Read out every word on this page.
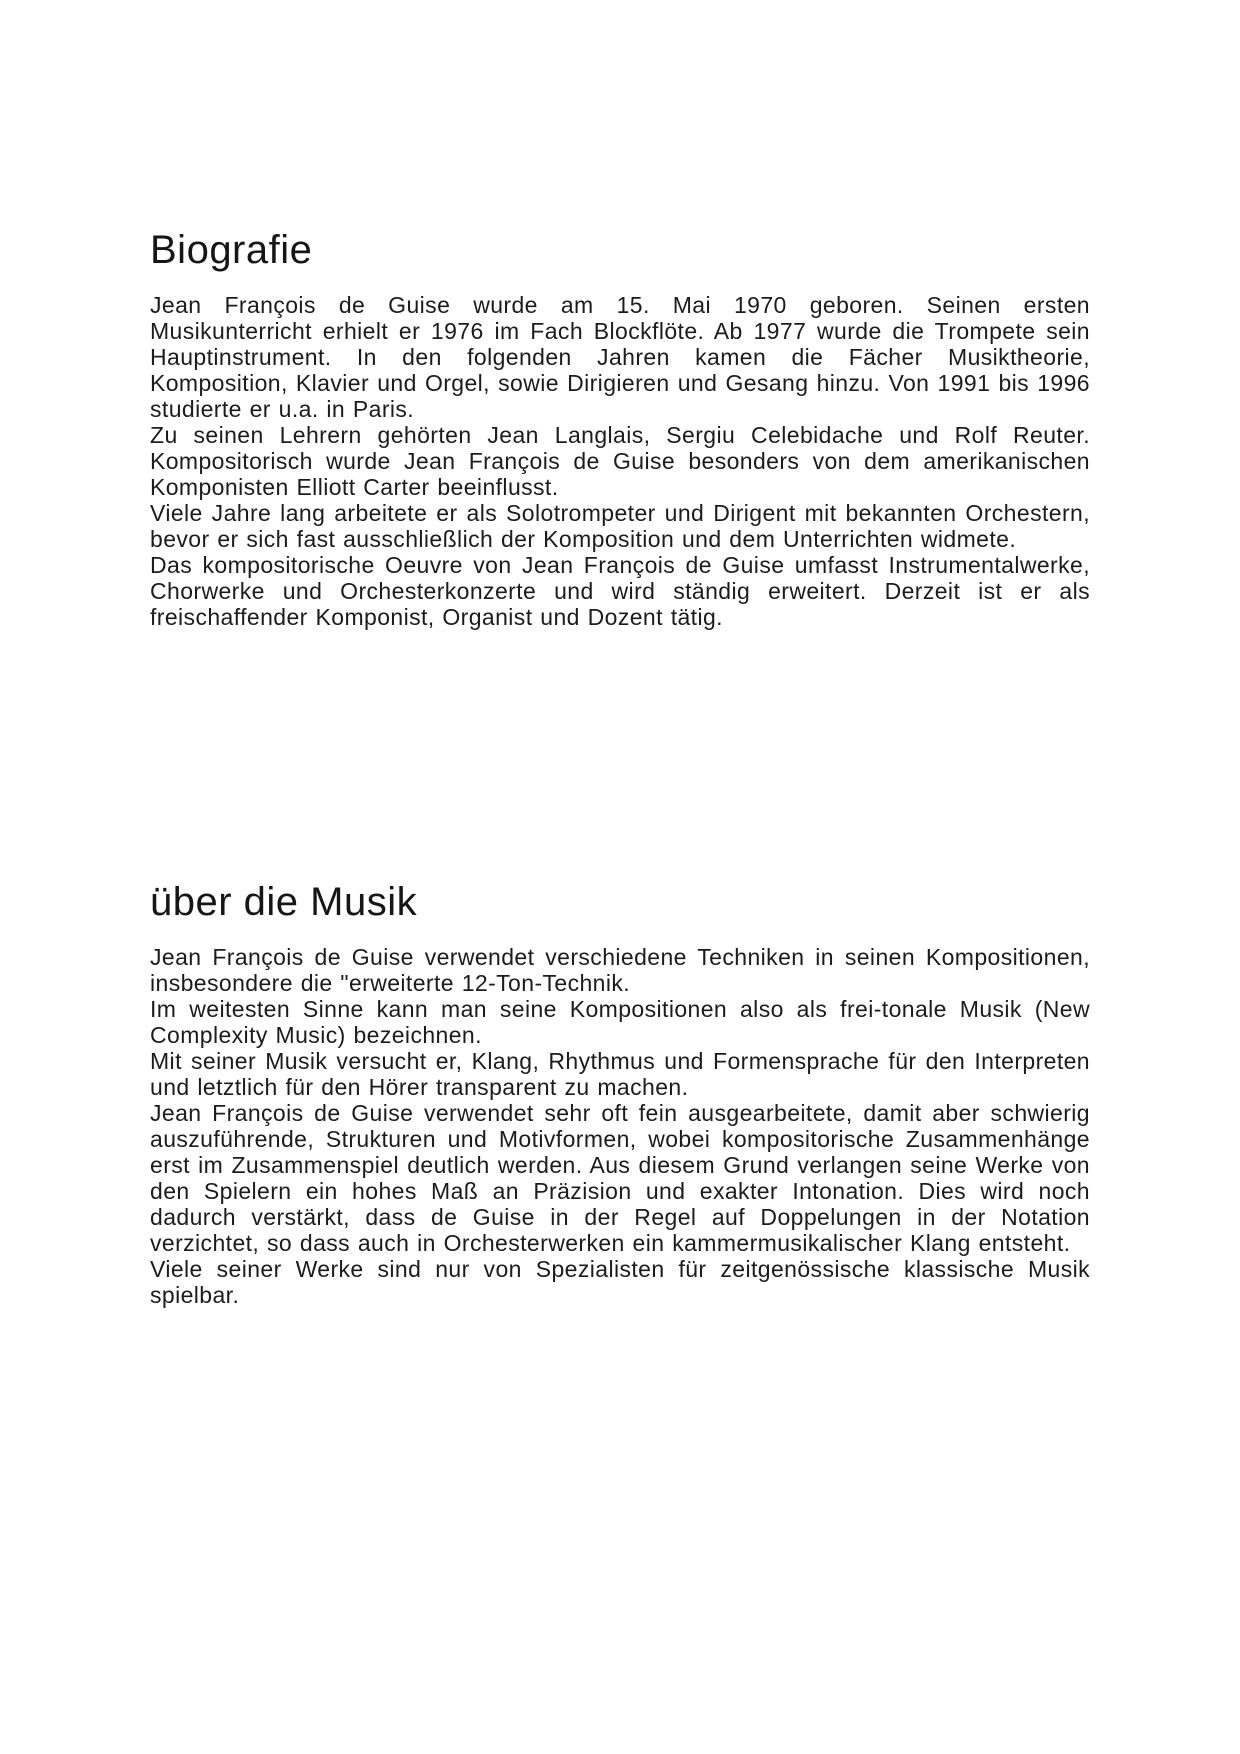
Biografie

Jean François de Guise wurde am 15. Mai 1970 geboren. Seinen ersten Musikunterricht erhielt er 1976 im Fach Blockflöte. Ab 1977 wurde die Trompete sein Hauptinstrument. In den folgenden Jahren kamen die Fächer Musiktheorie, Komposition, Klavier und Orgel, sowie Dirigieren und Gesang hinzu. Von 1991 bis 1996 studierte er u.a. in Paris.

Zu seinen Lehrern gehörten Jean Langlais, Sergiu Celebidache und Rolf Reuter. Kompositorisch wurde Jean François de Guise besonders von dem amerikanischen Komponisten Elliott Carter beeinflusst.

Viele Jahre lang arbeitete er als Solotrompeter und Dirigent mit bekannten Orchestern, bevor er sich fast ausschließlich der Komposition und dem Unterrichten widmete.

Das kompositorische Oeuvre von Jean François de Guise umfasst Instrumentalwerke, Chorwerke und Orchesterkonzerte und wird ständig erweitert. Derzeit ist er als freischaffender Komponist, Organist und Dozent tätig.

über die Musik

Jean François de Guise verwendet verschiedene Techniken in seinen Kompositionen, insbesondere die "erweiterte 12-Ton-Technik.

Im weitesten Sinne kann man seine Kompositionen also als frei-tonale Musik (New Complexity Music) bezeichnen.

Mit seiner Musik versucht er, Klang, Rhythmus und Formensprache für den Interpreten und letztlich für den Hörer transparent zu machen.

Jean François de Guise verwendet sehr oft fein ausgearbeitete, damit aber schwierig auszuführende, Strukturen und Motivformen, wobei kompositorische Zusammenhänge erst im Zusammenspiel deutlich werden. Aus diesem Grund verlangen seine Werke von den Spielern ein hohes Maß an Präzision und exakter Intonation. Dies wird noch dadurch verstärkt, dass de Guise in der Regel auf Doppelungen in der Notation verzichtet, so dass auch in Orchesterwerken ein kammermusikalischer Klang entsteht.

Viele seiner Werke sind nur von Spezialisten für zeitgenössische klassische Musik spielbar.
